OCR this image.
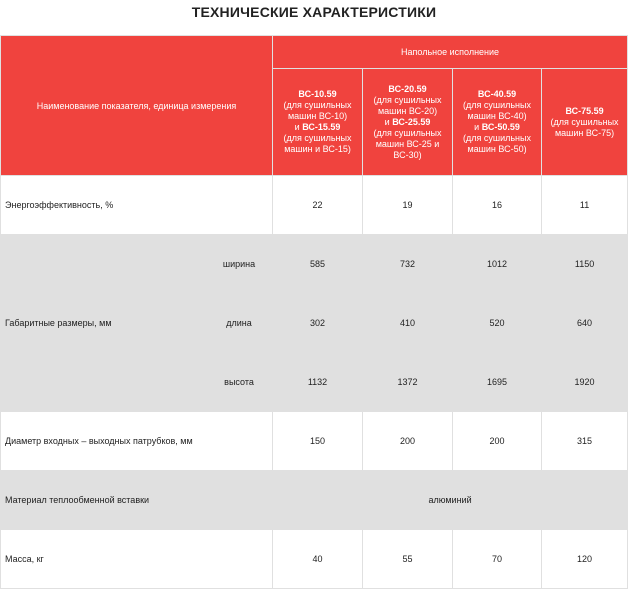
ТЕХНИЧЕСКИЕ ХАРАКТЕРИСТИКИ
Наименование показателя, единица измерения		Напольное исполнение			
		ВС-10.59
(для сушильных машин ВС-10)
и ВС-15.59
(для сушильных машин и ВС-15)	ВС-20.59
(для сушильных машин ВС-20)
и ВС-25.59
(для сушильных машин ВС-25 и ВС-30)	ВС-40.59
(для сушильных машин ВС-40)
и ВС-50.59
(для сушильных машин ВС-50)	ВС-75.59
(для сушильных машин ВС-75)
Энергоэффективность, %		22	19	16	11
Габаритные размеры, мм	ширина	585	732	1012	1150
	длина	302	410	520	640
	высота	1132	1372	1695	1920
Диаметр входных – выходных патрубков, мм		150	200	200	315
Материал теплообменной вставки		алюминий			
Масса, кг		40	55	70	120
